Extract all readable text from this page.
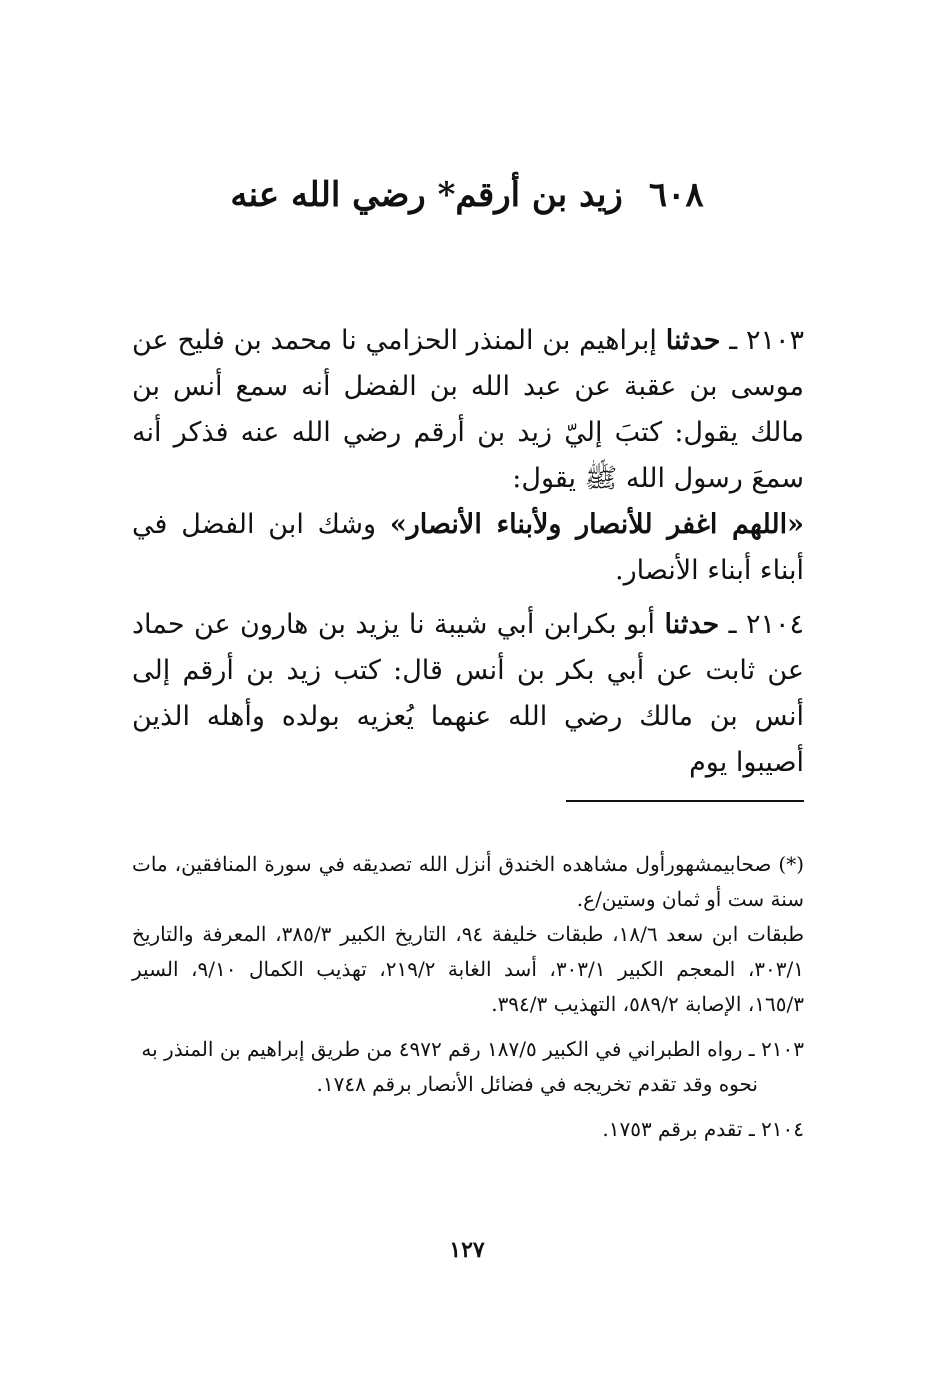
٦٠٨زيد بن أرقم* رضي الله عنه

٢١٠٣ ـ حدثنا إبراهيم بن المنذر الحزامي نا محمد بن فليح عن موسى بن عقبة عن عبد الله بن الفضل أنه سمع أنس بن مالك يقول: كتبَ إليّ زيد بن أرقم رضي الله عنه فذكر أنه سمعَ رسول الله ﷺ يقول:

«اللهم اغفر للأنصار ولأبناء الأنصار» وشك ابن الفضل في أبناء أبناء الأنصار.

٢١٠٤ ـ حدثنا أبو بكرابن أبي شيبة نا يزيد بن هارون عن حماد عن ثابت عن أبي بكر بن أنس قال: كتب زيد بن أرقم إلى أنس بن مالك رضي الله عنهما يُعزيه بولده وأهله الذين أصيبوا يوم

(*) صحابيمشهورأول مشاهده الخندق أنزل الله تصديقه في سورة المنافقين، مات سنة ست أو ثمان وستين/ع.

طبقات ابن سعد ١٨/٦، طبقات خليفة ٩٤، التاريخ الكبير ٣٨٥/٣، المعرفة والتاريخ ٣٠٣/١، المعجم الكبير ٣٠٣/١، أسد الغابة ٢١٩/٢، تهذيب الكمال ٩/١٠، السير ١٦٥/٣، الإصابة ٥٨٩/٢، التهذيب ٣٩٤/٣.

٢١٠٣ ـ رواه الطبراني في الكبير ١٨٧/٥ رقم ٤٩٧٢ من طريق إبراهيم بن المنذر به

نحوه وقد تقدم تخريجه في فضائل الأنصار برقم ١٧٤٨.

٢١٠٤ ـ تقدم برقم ١٧٥٣.

١٢٧
